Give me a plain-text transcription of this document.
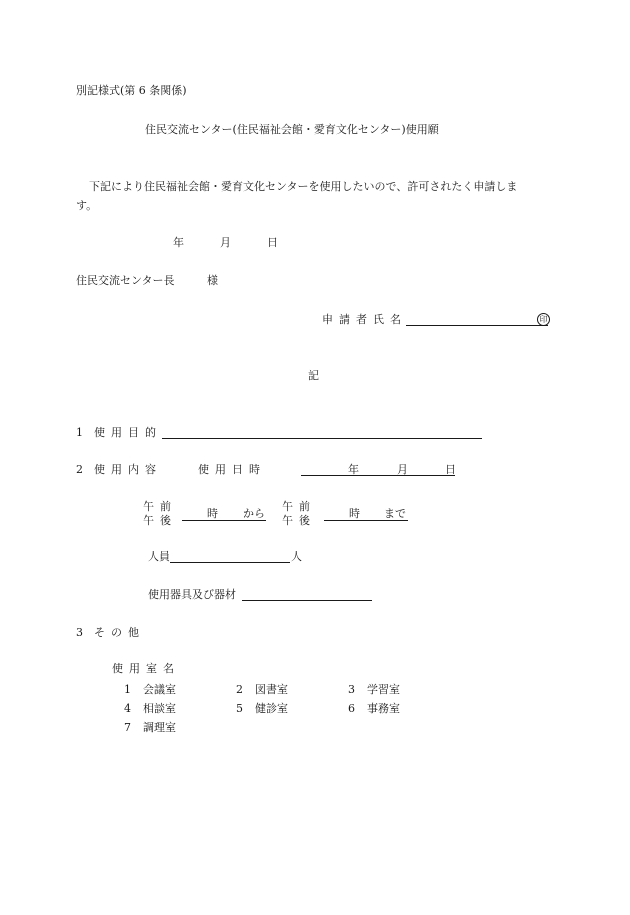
別記様式(第 6 条関係)
住民交流センター(住民福祉会館・愛育文化センター)使用願
下記により住民福祉会館・愛育文化センターを使用したいので、許可されたく申請しま
す。
年	月	日
住民交流センター長	様
申請者氏名	印
記
1 使用目的
2 使用内容	使用日時	年	月	日
午前
午後
時 から
午前
午後
時 まで
人員	人
使用器具及び器材
3 その他
使用室名
1 会議室	2 図書室	3 学習室
4 相談室	5 健診室	6 事務室
7 調理室
